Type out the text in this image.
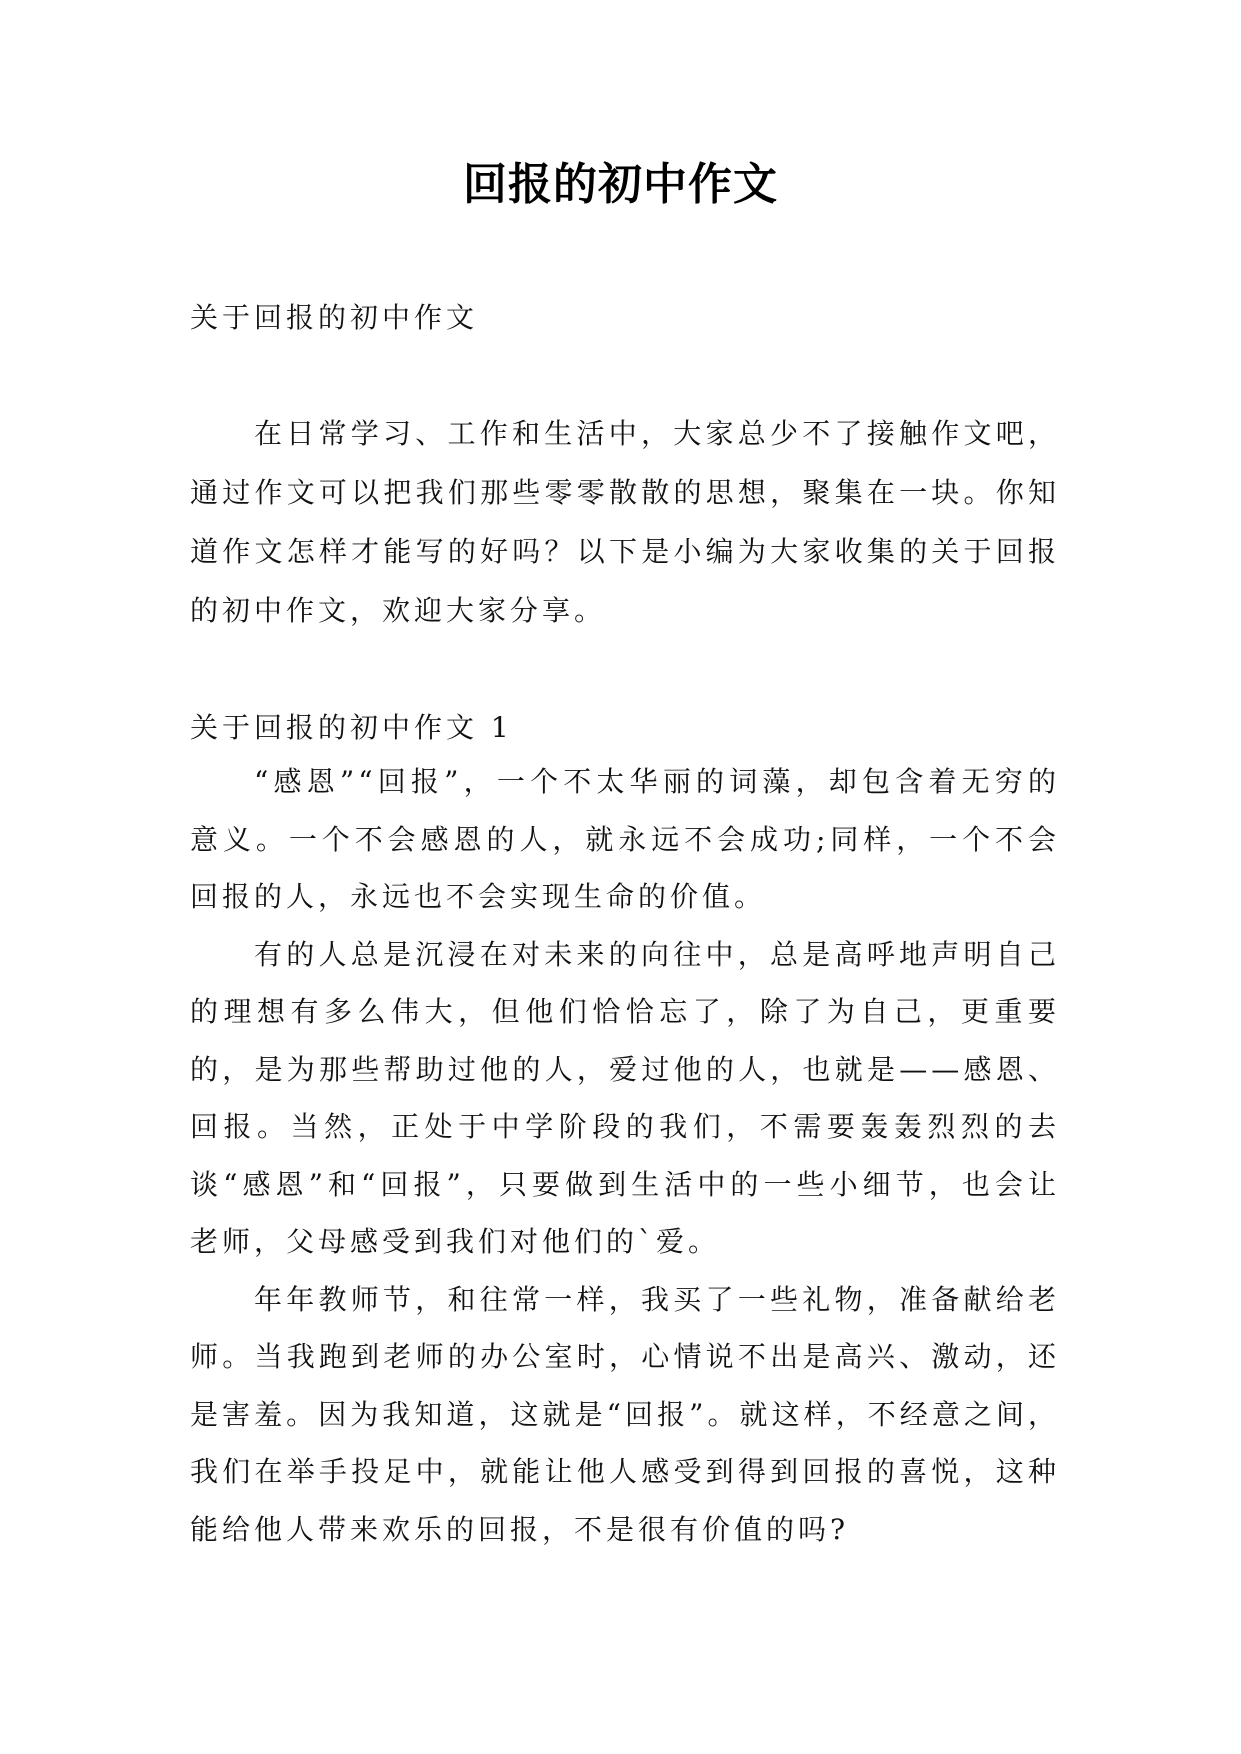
回报的初中作文
关于回报的初中作文
在日常学习、工作和生活中，大家总少不了接触作文吧，通过作文可以把我们那些零零散散的思想，聚集在一块。你知道作文怎样才能写的好吗？以下是小编为大家收集的关于回报的初中作文，欢迎大家分享。
关于回报的初中作文 1

“感恩”“回报”，一个不太华丽的词藻，却包含着无穷的意义。一个不会感恩的人，就永远不会成功;同样，一个不会回报的人，永远也不会实现生命的价值。

有的人总是沉浸在对未来的向往中，总是高呼地声明自己的理想有多么伟大，但他们恰恰忘了，除了为自己，更重要的，是为那些帮助过他的人，爱过他的人，也就是——感恩、回报。当然，正处于中学阶段的我们，不需要轰轰烈烈的去谈“感恩”和“回报”，只要做到生活中的一些小细节，也会让老师，父母感受到我们对他们的`爱。

年年教师节，和往常一样，我买了一些礼物，准备献给老师。当我跑到老师的办公室时，心情说不出是高兴、激动，还是害羞。因为我知道，这就是“回报”。就这样，不经意之间，我们在举手投足中，就能让他人感受到得到回报的喜悦，这种能给他人带来欢乐的回报，不是很有价值的吗?
